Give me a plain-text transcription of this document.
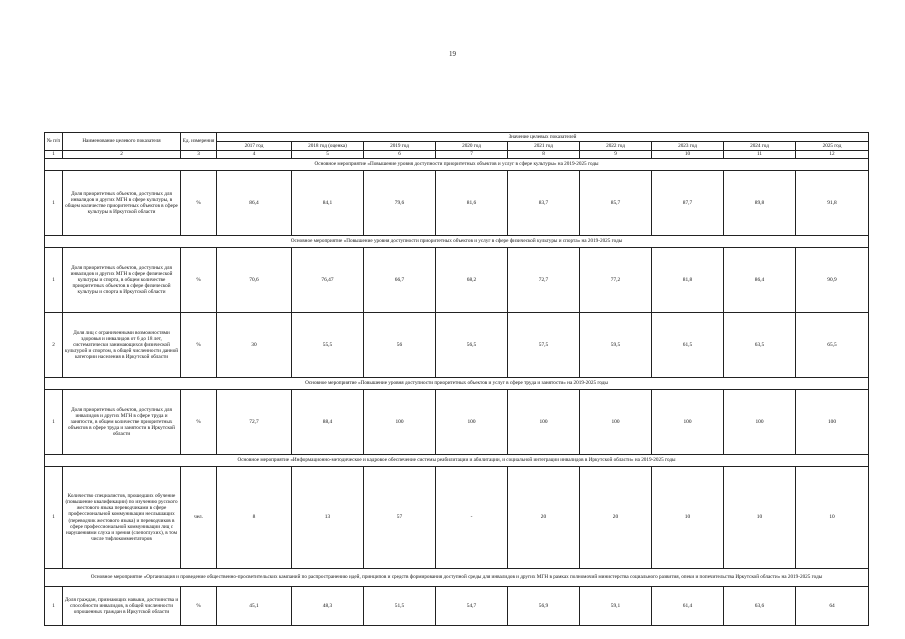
19
№ п/п	Наименование целевого показателя	Ед. измерения	Значение целевых показателей								
			2017 год	2018 год (оценка)	2019 год	2020 год	2021 год	2022 год	2023 год	2024 год	2025 год
1	2	3	4	5	6	7	8	9	10	11	12
Основное мероприятие «Повышение уровня доступности приоритетных объектов и услуг в сфере культуры» на 2019-2025 годы											
1	Доля приоритетных объектов, доступных для инвалидов и других МГН в сфере культуры, в общем количестве приоритетных объектов в сфере культуры в Иркутской области	%	86,4	84,1	79,6	81,6	83,7	85,7	87,7	89,8	91,8
Основное мероприятие «Повышение уровня доступности приоритетных объектов и услуг в сфере физической культуры и спорта» на 2019-2025 годы											
1	Доля приоритетных объектов, доступных для инвалидов и других МГН в сфере физической культуры и спорта, в общем количестве приоритетных объектов в сфере физической культуры и спорта в Иркутской области	%	70,6	76,47	66,7	68,2	72,7	77,2	81,8	86,4	90,9
2	Доля лиц с ограниченными возможностями здоровья и инвалидов от 6 до 18 лет, систематически занимающихся физической культурой и спортом, в общей численности данной категории населения в Иркутской области	%	30	55,5	56	56,5	57,5	59,5	61,5	63,5	65,5
Основное мероприятие «Повышение уровня доступности приоритетных объектов и услуг в сфере труда и занятости» на 2019-2025 годы											
1	Доля приоритетных объектов, доступных для инвалидов и других МГН в сфере труда и занятости, в общем количестве приоритетных объектов в сфере труда и занятости в Иркутской области	%	72,7	88,4	100	100	100	100	100	100	100
Основное мероприятие «Информационно-методическое и кадровое обеспечение системы реабилитации и абилитации, и социальной интеграции инвалидов в Иркутской области» на 2019-2025 годы											
1	Количество специалистов, прошедших обучение (повышение квалификации) по изучению русского жестового языка переводчиками в сфере профессиональной коммуникации неслышащих (переводчик жестового языка) и переводчиков в сфере профессиональной коммуникации лиц с нарушениями слуха и зрения (слепоглухих), в том числе тифлокомментаторов	чел.	8	13	57	-	20	20	10	10	10
Основное мероприятие «Организация и проведение общественно-просветительских кампаний по распространению идей, принципов и средств формирования доступной среды для инвалидов и других МГН в рамках полномочий министерства социального развития, опеки и попечительства Иркутской области» на 2019-2025 годы											
1	Доля граждан, признающих навыки, достоинства и способности инвалидов, в общей численности опрошенных граждан в Иркутской области	%	45,1	48,3	51,5	54,7	56,9	59,1	61,4	63,6	64
